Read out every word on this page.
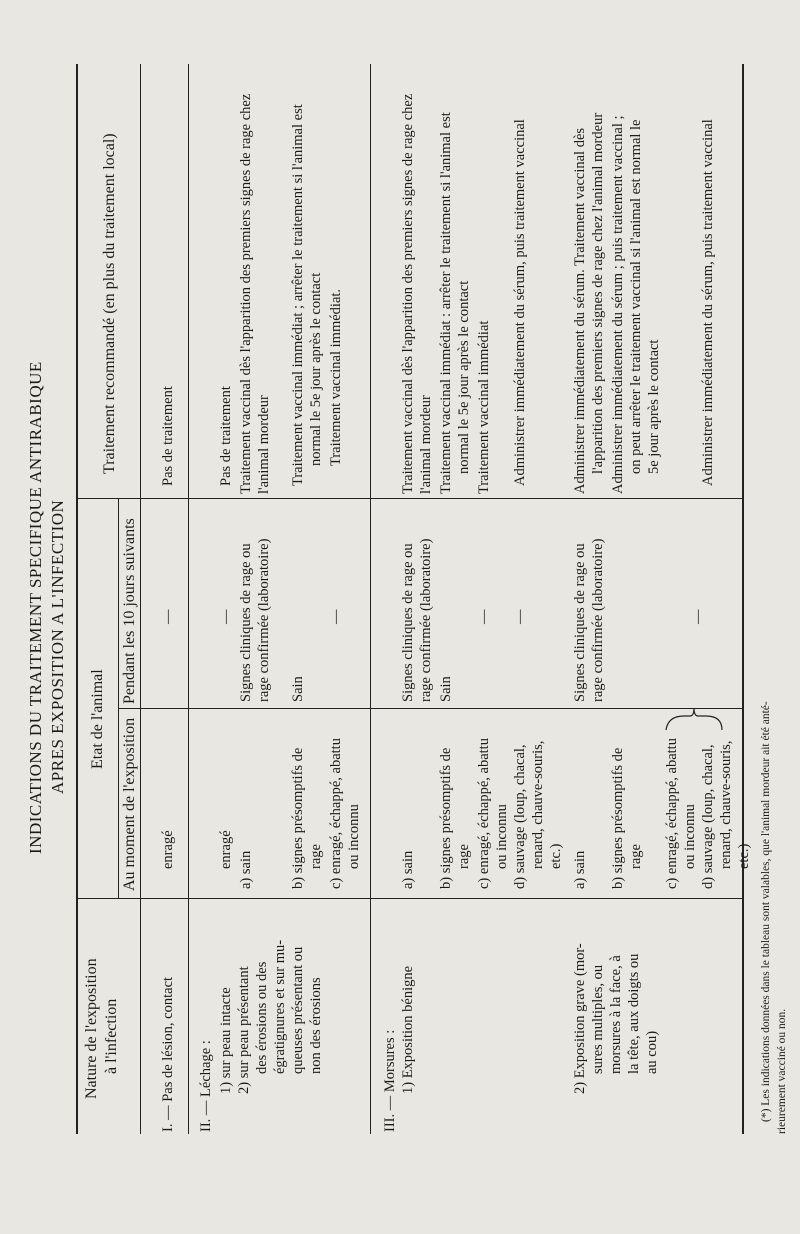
INDICATIONS DU TRAITEMENT SPECIFIQUE ANTIRABIQUE APRES EXPOSITION A L'INFECTION
Nature de l'exposition à l'infection
Etat de l'animal Au moment de l'exposition
Pendant les 10 jours suivants
Traitement recommandé (en plus du traitement local)
I. — Pas de lésion, contact
enragé
—
Pas de traitement
II. — Léchage : 1) sur peau intacte 2) sur peau présentant des érosions ou des égratignures et sur mu- queuses présentant ou non des érosions
enragé
—
Pas de traitement
a) sain
Signes cliniques de rage ou rage confirmée (laboratoire)
Traitement vaccinal dès l'apparition des premiers signes de rage chez l'animal mordeur
b) signes présomptifs de rage
Sain
Traitement vaccinal immédiat ; arrêter le traitement si l'animal est normal le 5e jour après le contact
c) enragé, échappé, abattu ou inconnu
—
Traitement vaccinal immédiat.
III. — Morsures : 1) Exposition bénigne
a) sain
Signes cliniques de rage ou rage confirmée (laboratoire)
Traitement vaccinal dès l'apparition des premiers signes de rage chez l'animal mordeur
b) signes présomptifs de rage
Sain
Traitement vaccinal immédiat : arrêter le traitement si l'animal est normal le 5e jour après le contact
c) enragé, échappé, abattu ou inconnu
—
Traitement vaccinal immédiat
d) sauvage (loup, chacal, renard, chauve-souris, etc.)
—
Administrer immédiatement du sérum, puis traitement vaccinal
2) Exposition grave (mor- sures multiples, ou morsures à la face, à la tête, aux doigts ou au cou)
a) sain
Signes cliniques de rage ou rage confirmée (laboratoire)
Administrer immédiatement du sérum. Traitement vaccinal dès l'apparition des premiers signes de rage chez l'animal mordeur
b) signes présomptifs de rage
Administrer immédiatement du sérum ; puis traitement vaccinal ; on peut arrêter le traitement vaccinal si l'animal est normal le 5e jour après le contact
c) enragé, échappé, abattu ou inconnu
—
d) sauvage (loup, chacal, renard, chauve-souris, etc.)
Administrer immédiatement du sérum, puis traitement vaccinal
(*) Les indications données dans le tableau sont valables, que l'animal mordeur ait été anté- rieurement vacciné ou non.
